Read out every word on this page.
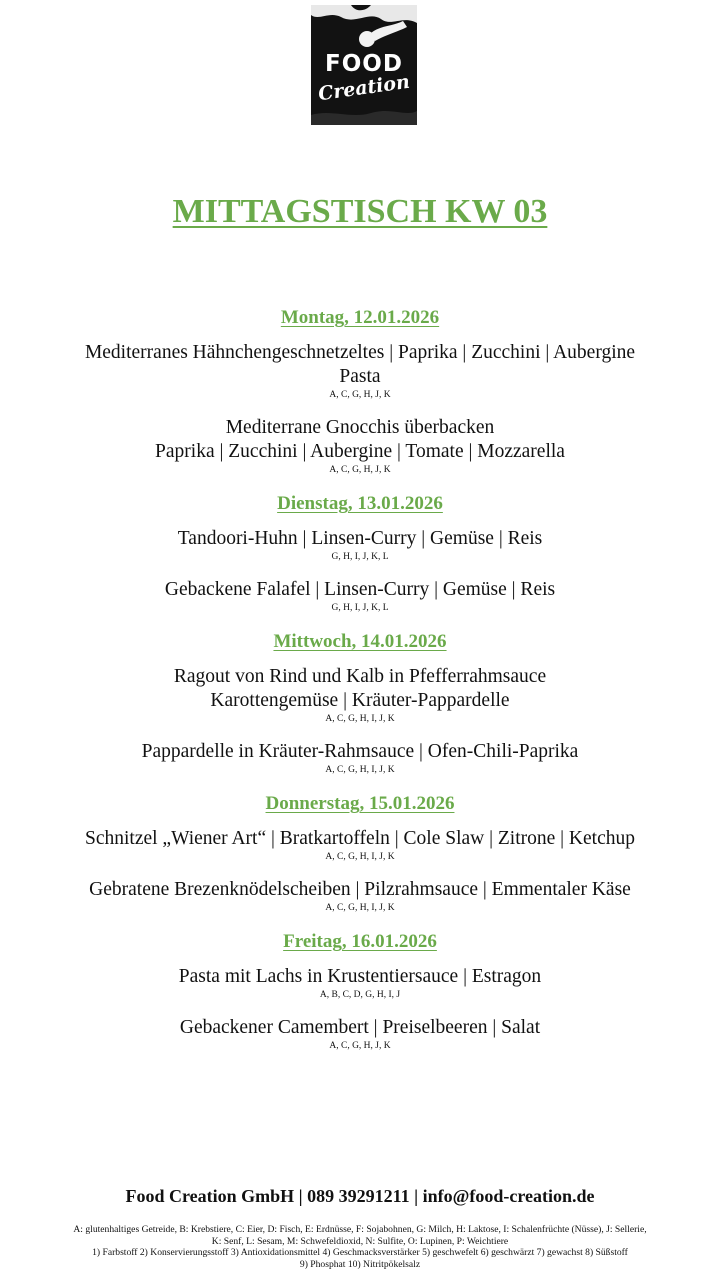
FOOD
Creation
MITTAGSTISCH KW 03
Montag, 12.01.2026
Mediterranes Hähnchengeschnetzeltes | Paprika | Zucchini | Aubergine
Pasta
A, C, G, H, J, K
Mediterrane Gnocchis überbacken
Paprika | Zucchini | Aubergine | Tomate | Mozzarella
A, C, G, H, J, K
Dienstag, 13.01.2026
Tandoori-Huhn | Linsen-Curry | Gemüse | Reis
G, H, I, J, K, L
Gebackene Falafel | Linsen-Curry | Gemüse | Reis
G, H, I, J, K, L
Mittwoch, 14.01.2026
Ragout von Rind und Kalb in Pfefferrahmsauce
Karottengemüse | Kräuter-Pappardelle
A, C, G, H, I, J, K
Pappardelle in Kräuter-Rahmsauce | Ofen-Chili-Paprika
A, C, G, H, I, J, K
Donnerstag, 15.01.2026
Schnitzel „Wiener Art“ | Bratkartoffeln | Cole Slaw | Zitrone | Ketchup
A, C, G, H, I, J, K
Gebratene Brezenknödelscheiben | Pilzrahmsauce | Emmentaler Käse
A, C, G, H, I, J, K
Freitag, 16.01.2026
Pasta mit Lachs in Krustentiersauce | Estragon
A, B, C, D, G, H, I, J
Gebackener Camembert | Preiselbeeren | Salat
A, C, G, H, J, K
Food Creation GmbH | 089 39291211 | info@food-creation.de
A: glutenhaltiges Getreide, B: Krebstiere, C: Eier, D: Fisch, E: Erdnüsse, F: Sojabohnen, G: Milch, H: Laktose, I: Schalenfrüchte (Nüsse), J: Sellerie,
K: Senf, L: Sesam, M: Schwefeldioxid, N: Sulfite, O: Lupinen, P: Weichtiere
1) Farbstoff 2) Konservierungsstoff 3) Antioxidationsmittel 4) Geschmacksverstärker 5) geschwefelt 6) geschwärzt 7) gewachst 8) Süßstoff
9) Phosphat 10) Nitritpökelsalz
